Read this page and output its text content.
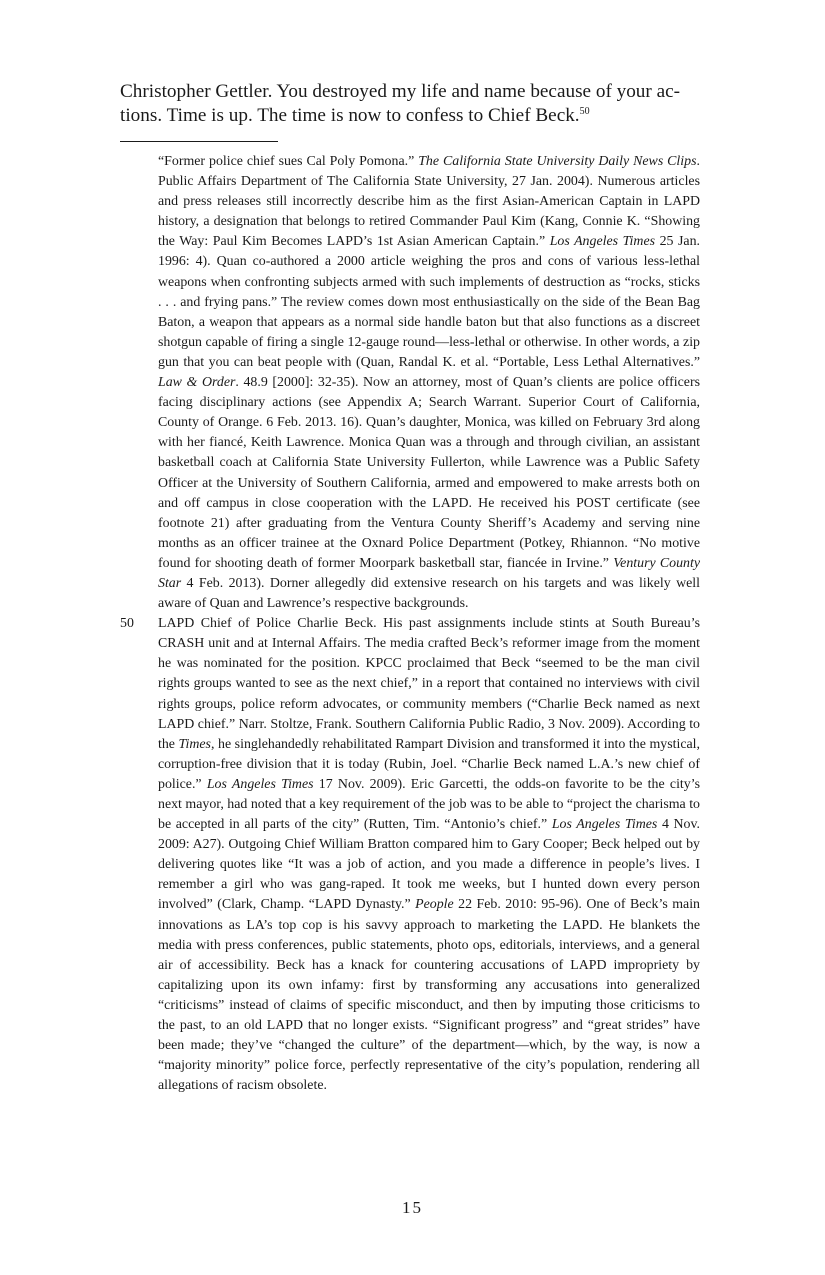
Christopher Gettler. You destroyed my life and name because of your ac-
tions. Time is up. The time is now to confess to Chief Beck.$^{50}$

“Former police chief sues Cal Poly Pomona.” The California State University Daily News Clips. Public Affairs Department of The California State University, 27 Jan. 2004). Numerous articles and press releases still incorrectly describe him as the first Asian-American Captain in LAPD history, a designation that belongs to retired Commander Paul Kim (Kang, Connie K. “Showing the Way: Paul Kim Becomes LAPD’s 1st Asian American Captain.” Los Angeles Times 25 Jan. 1996: 4). Quan co-authored a 2000 article weighing the pros and cons of various less-lethal weapons when confronting subjects armed with such implements of destruction as “rocks, sticks . . . and frying pans.” The review comes down most enthusiastically on the side of the Bean Bag Baton, a weapon that appears as a normal side handle baton but that also functions as a discreet shotgun capable of firing a single 12-gauge round—less-lethal or otherwise. In other words, a zip gun that you can beat people with (Quan, Randal K. et al. “Portable, Less Lethal Alternatives.” Law & Order. 48.9 [2000]: 32-35). Now an attorney, most of Quan’s clients are police officers facing disciplinary actions (see Appendix A; Search Warrant. Superior Court of California, County of Orange. 6 Feb. 2013. 16). Quan’s daughter, Monica, was killed on February 3rd along with her fiancé, Keith Lawrence. Monica Quan was a through and through civilian, an assistant basketball coach at California State University Fullerton, while Lawrence was a Public Safety Officer at the University of Southern California, armed and empowered to make arrests both on and off campus in close cooperation with the LAPD. He received his POST certificate (see footnote 21) after graduating from the Ventura County Sheriff’s Academy and serving nine months as an officer trainee at the Oxnard Police Department (Potkey, Rhiannon. “No motive found for shooting death of former Moorpark basketball star, fiancée in Irvine.” Ventury County Star 4 Feb. 2013). Dorner allegedly did extensive research on his targets and was likely well aware of Quan and Lawrence’s respective backgrounds.
50	LAPD Chief of Police Charlie Beck. His past assignments include stints at South Bureau’s CRASH unit and at Internal Affairs. The media crafted Beck’s reformer image from the moment he was nominated for the position. KPCC proclaimed that Beck “seemed to be the man civil rights groups wanted to see as the next chief,” in a report that contained no interviews with civil rights groups, police reform advocates, or community members (“Charlie Beck named as next LAPD chief.” Narr. Stoltze, Frank. Southern California Public Radio, 3 Nov. 2009). According to the Times, he singlehandedly rehabilitated Rampart Division and transformed it into the mystical, corruption-free division that it is today (Rubin, Joel. “Charlie Beck named L.A.’s new chief of police.” Los Angeles Times 17 Nov. 2009). Eric Garcetti, the odds-on favorite to be the city’s next mayor, had noted that a key requirement of the job was to be able to “project the charisma to be accepted in all parts of the city” (Rutten, Tim. “Antonio’s chief.” Los Angeles Times 4 Nov. 2009: A27). Outgoing Chief William Bratton compared him to Gary Cooper; Beck helped out by delivering quotes like “It was a job of action, and you made a difference in people’s lives. I remember a girl who was gang-raped. It took me weeks, but I hunted down every person involved” (Clark, Champ. “LAPD Dynasty.” People 22 Feb. 2010: 95-96). One of Beck’s main innovations as LA’s top cop is his savvy approach to marketing the LAPD. He blankets the media with press conferences, public statements, photo ops, editorials, interviews, and a general air of accessibility. Beck has a knack for countering accusations of LAPD impropriety by capitalizing upon its own infamy: first by transforming any accusations into generalized “criticisms” instead of claims of specific misconduct, and then by imputing those criticisms to the past, to an old LAPD that no longer exists. “Significant progress” and “great strides” have been made; they’ve “changed the culture” of the department—which, by the way, is now a “majority minority” police force, perfectly representative of the city’s population, rendering all allegations of racism obsolete.
15
